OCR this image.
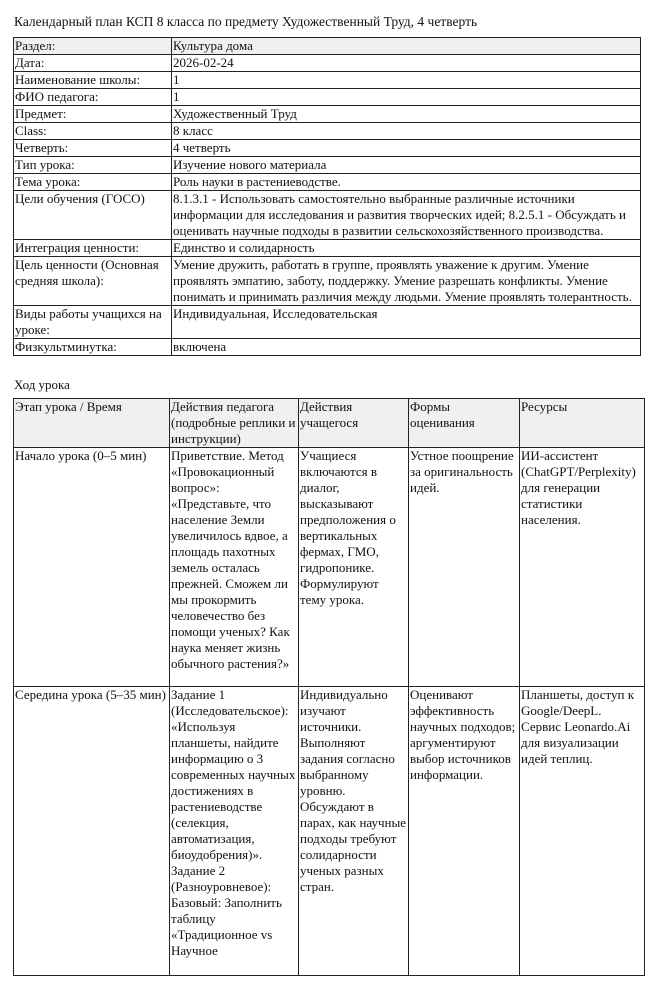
Календарный план КСП 8 класса по предмету Художественный Труд, 4 четверть
Раздел:	Культура дома
Дата:	2026-02-24
Наименование школы:	1
ФИО педагога:	1
Предмет:	Художественный Труд
Class:	8 класс
Четверть:	4 четверть
Тип урока:	Изучение нового материала
Тема урока:	Роль науки в растениеводстве.
Цели обучения (ГОСО)	8.1.3.1 - Использовать самостоятельно выбранные различные источники информации для исследования и развития творческих идей; 8.2.5.1 - Обсуждать и оценивать научные подходы в развитии сельскохозяйственного производства.
Интеграция ценности:	Единство и солидарность
Цель ценности (Основная средняя школа):	Умение дружить, работать в группе, проявлять уважение к другим. Умение проявлять эмпатию, заботу, поддержку. Умение разрешать конфликты. Умение понимать и принимать различия между людьми. Умение проявлять толерантность.
Виды работы учащихся на уроке:	Индивидуальная, Исследовательская
Физкультминутка:	включена
Ход урока
Этап урока / Время	Действия педагога (подробные реплики и инструкции)	Действия учащегося	Формы оценивания	Ресурсы
Начало урока (0–5 мин)	Приветствие. Метод «Провокационный вопрос»: «Представьте, что население Земли увеличилось вдвое, а площадь пахотных земель осталась прежней. Сможем ли мы прокормить человечество без помощи ученых? Как наука меняет жизнь обычного растения?»	Учащиеся включаются в диалог, высказывают предположения о вертикальных фермах, ГМО, гидропонике. Формулируют тему урока.	Устное поощрение за оригинальность идей.	ИИ-ассистент (ChatGPT/Perplexity) для генерации статистики населения.
Середина урока (5–35 мин)	Задание 1 (Исследовательское): «Используя планшеты, найдите информацию о 3 современных научных достижениях в растениеводстве (селекция, автоматизация, биоудобрения)».
Задание 2 (Разноуровневое): Базовый: Заполнить таблицу «Традиционное vs Научное	Индивидуально изучают источники. Выполняют задания согласно выбранному уровню. Обсуждают в парах, как научные подходы требуют солидарности ученых разных стран.	Оценивают эффективность научных подходов; аргументируют выбор источников информации.	Планшеты, доступ к Google/DeepL. Сервис Leonardo.Ai для визуализации идей теплиц.
